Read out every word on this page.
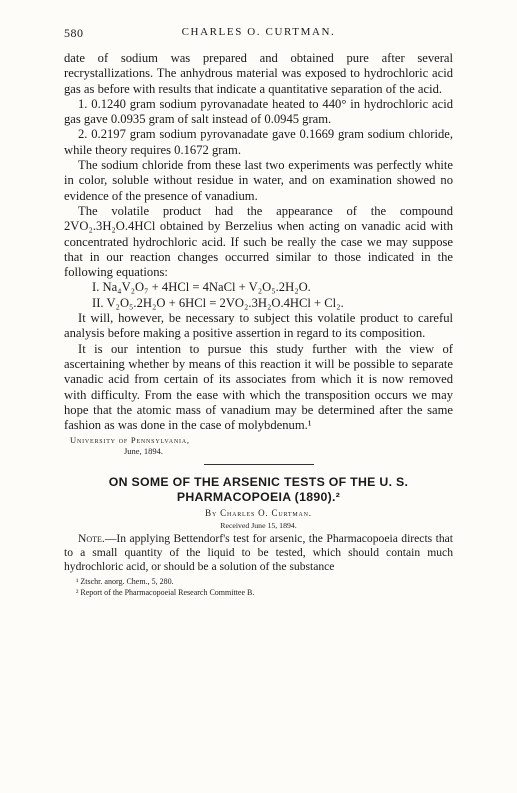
580	CHARLES O. CURTMAN.

date of sodium was prepared and obtained pure after several recrystallizations. The anhydrous material was exposed to hydrochloric acid gas as before with results that indicate a quantitative separation of the acid.

1. 0.1240 gram sodium pyrovanadate heated to 440° in hydrochloric acid gas gave 0.0935 gram of salt instead of 0.0945 gram.

2. 0.2197 gram sodium pyrovanadate gave 0.1669 gram sodium chloride, while theory requires 0.1672 gram.

The sodium chloride from these last two experiments was perfectly white in color, soluble without residue in water, and on examination showed no evidence of the presence of vanadium.

The volatile product had the appearance of the compound 2VO₂.3H₂O.4HCl obtained by Berzelius when acting on vanadic acid with concentrated hydrochloric acid. If such be really the case we may suppose that in our reaction changes occurred similar to those indicated in the following equations:

I. Na₄V₂O₇ + 4HCl = 4NaCl + V₂O₅.2H₂O.

II. V₂O₅.2H₂O + 6HCl = 2VO₂.3H₂O.4HCl + Cl₂.

It will, however, be necessary to subject this volatile product to careful analysis before making a positive assertion in regard to its composition.

It is our intention to pursue this study further with the view of ascertaining whether by means of this reaction it will be possible to separate vanadic acid from certain of its associates from which it is now removed with difficulty. From the ease with which the transposition occurs we may hope that the atomic mass of vanadium may be determined after the same fashion as was done in the case of molybdenum.¹

University of Pennsylvania,
June, 1894.

ON SOME OF THE ARSENIC TESTS OF THE U. S.

PHARMACOPOEIA (1890).²

By Charles O. Curtman.

Received June 15, 1894.

Note.—In applying Bettendorf's test for arsenic, the Pharmacopoeia directs that to a small quantity of the liquid to be tested, which should contain much hydrochloric acid, or should be a solution of the substance

¹ Ztschr. anorg. Chem., 5, 280.

² Report of the Pharmacopoeial Research Committee B.
